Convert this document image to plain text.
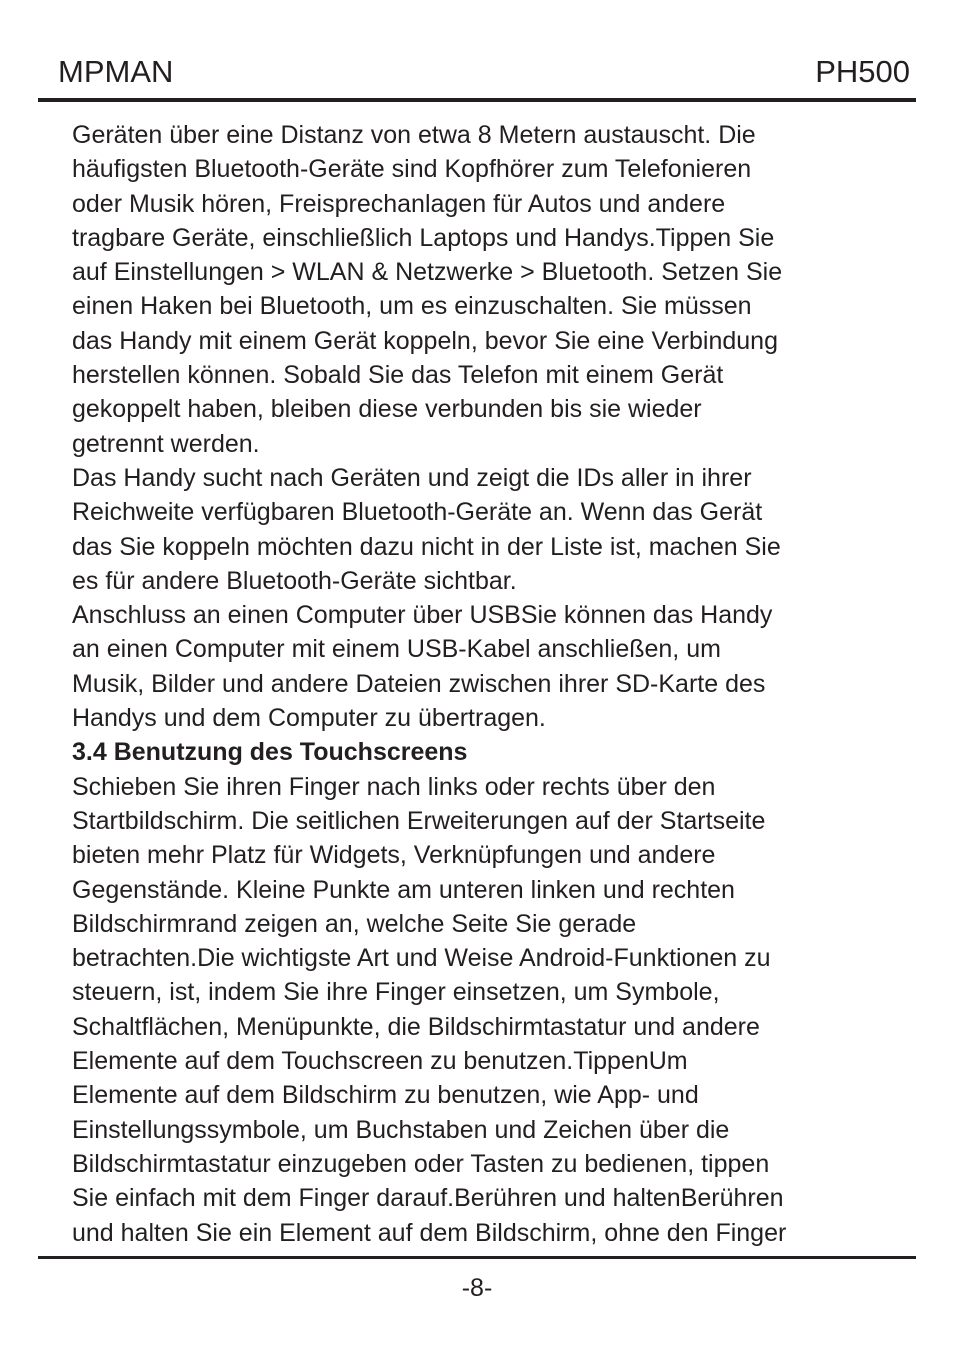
MPMAN	PH500
Geräten über eine Distanz von etwa 8 Metern austauscht. Die
häufigsten Bluetooth-Geräte sind Kopfhörer zum Telefonieren
oder Musik hören, Freisprechanlagen für Autos und andere
tragbare Geräte, einschließlich Laptops und Handys.Tippen Sie
auf Einstellungen > WLAN & Netzwerke > Bluetooth. Setzen Sie
einen Haken bei Bluetooth, um es einzuschalten. Sie müssen
das Handy mit einem Gerät koppeln, bevor Sie eine Verbindung
herstellen können. Sobald Sie das Telefon mit einem Gerät
gekoppelt haben, bleiben diese verbunden bis sie wieder
getrennt werden.
Das Handy sucht nach Geräten und zeigt die IDs aller in ihrer
Reichweite verfügbaren Bluetooth-Geräte an. Wenn das Gerät
das Sie koppeln möchten dazu nicht in der Liste ist, machen Sie
es für andere Bluetooth-Geräte sichtbar.
Anschluss an einen Computer über USBSie können das Handy
an einen Computer mit einem USB-Kabel anschließen, um
Musik, Bilder und andere Dateien zwischen ihrer SD-Karte des
Handys und dem Computer zu übertragen.
3.4 Benutzung des Touchscreens
Schieben Sie ihren Finger nach links oder rechts über den
Startbildschirm. Die seitlichen Erweiterungen auf der Startseite
bieten mehr Platz für Widgets, Verknüpfungen und andere
Gegenstände. Kleine Punkte am unteren linken und rechten
Bildschirmrand zeigen an, welche Seite Sie gerade
betrachten.Die wichtigste Art und Weise Android-Funktionen zu
steuern, ist, indem Sie ihre Finger einsetzen, um Symbole,
Schaltflächen, Menüpunkte, die Bildschirmtastatur und andere
Elemente auf dem Touchscreen zu benutzen.TippenUm
Elemente auf dem Bildschirm zu benutzen, wie App- und
Einstellungssymbole, um Buchstaben und Zeichen über die
Bildschirmtastatur einzugeben oder Tasten zu bedienen, tippen
Sie einfach mit dem Finger darauf.Berühren und haltenBerühren
und halten Sie ein Element auf dem Bildschirm, ohne den Finger
-8-
